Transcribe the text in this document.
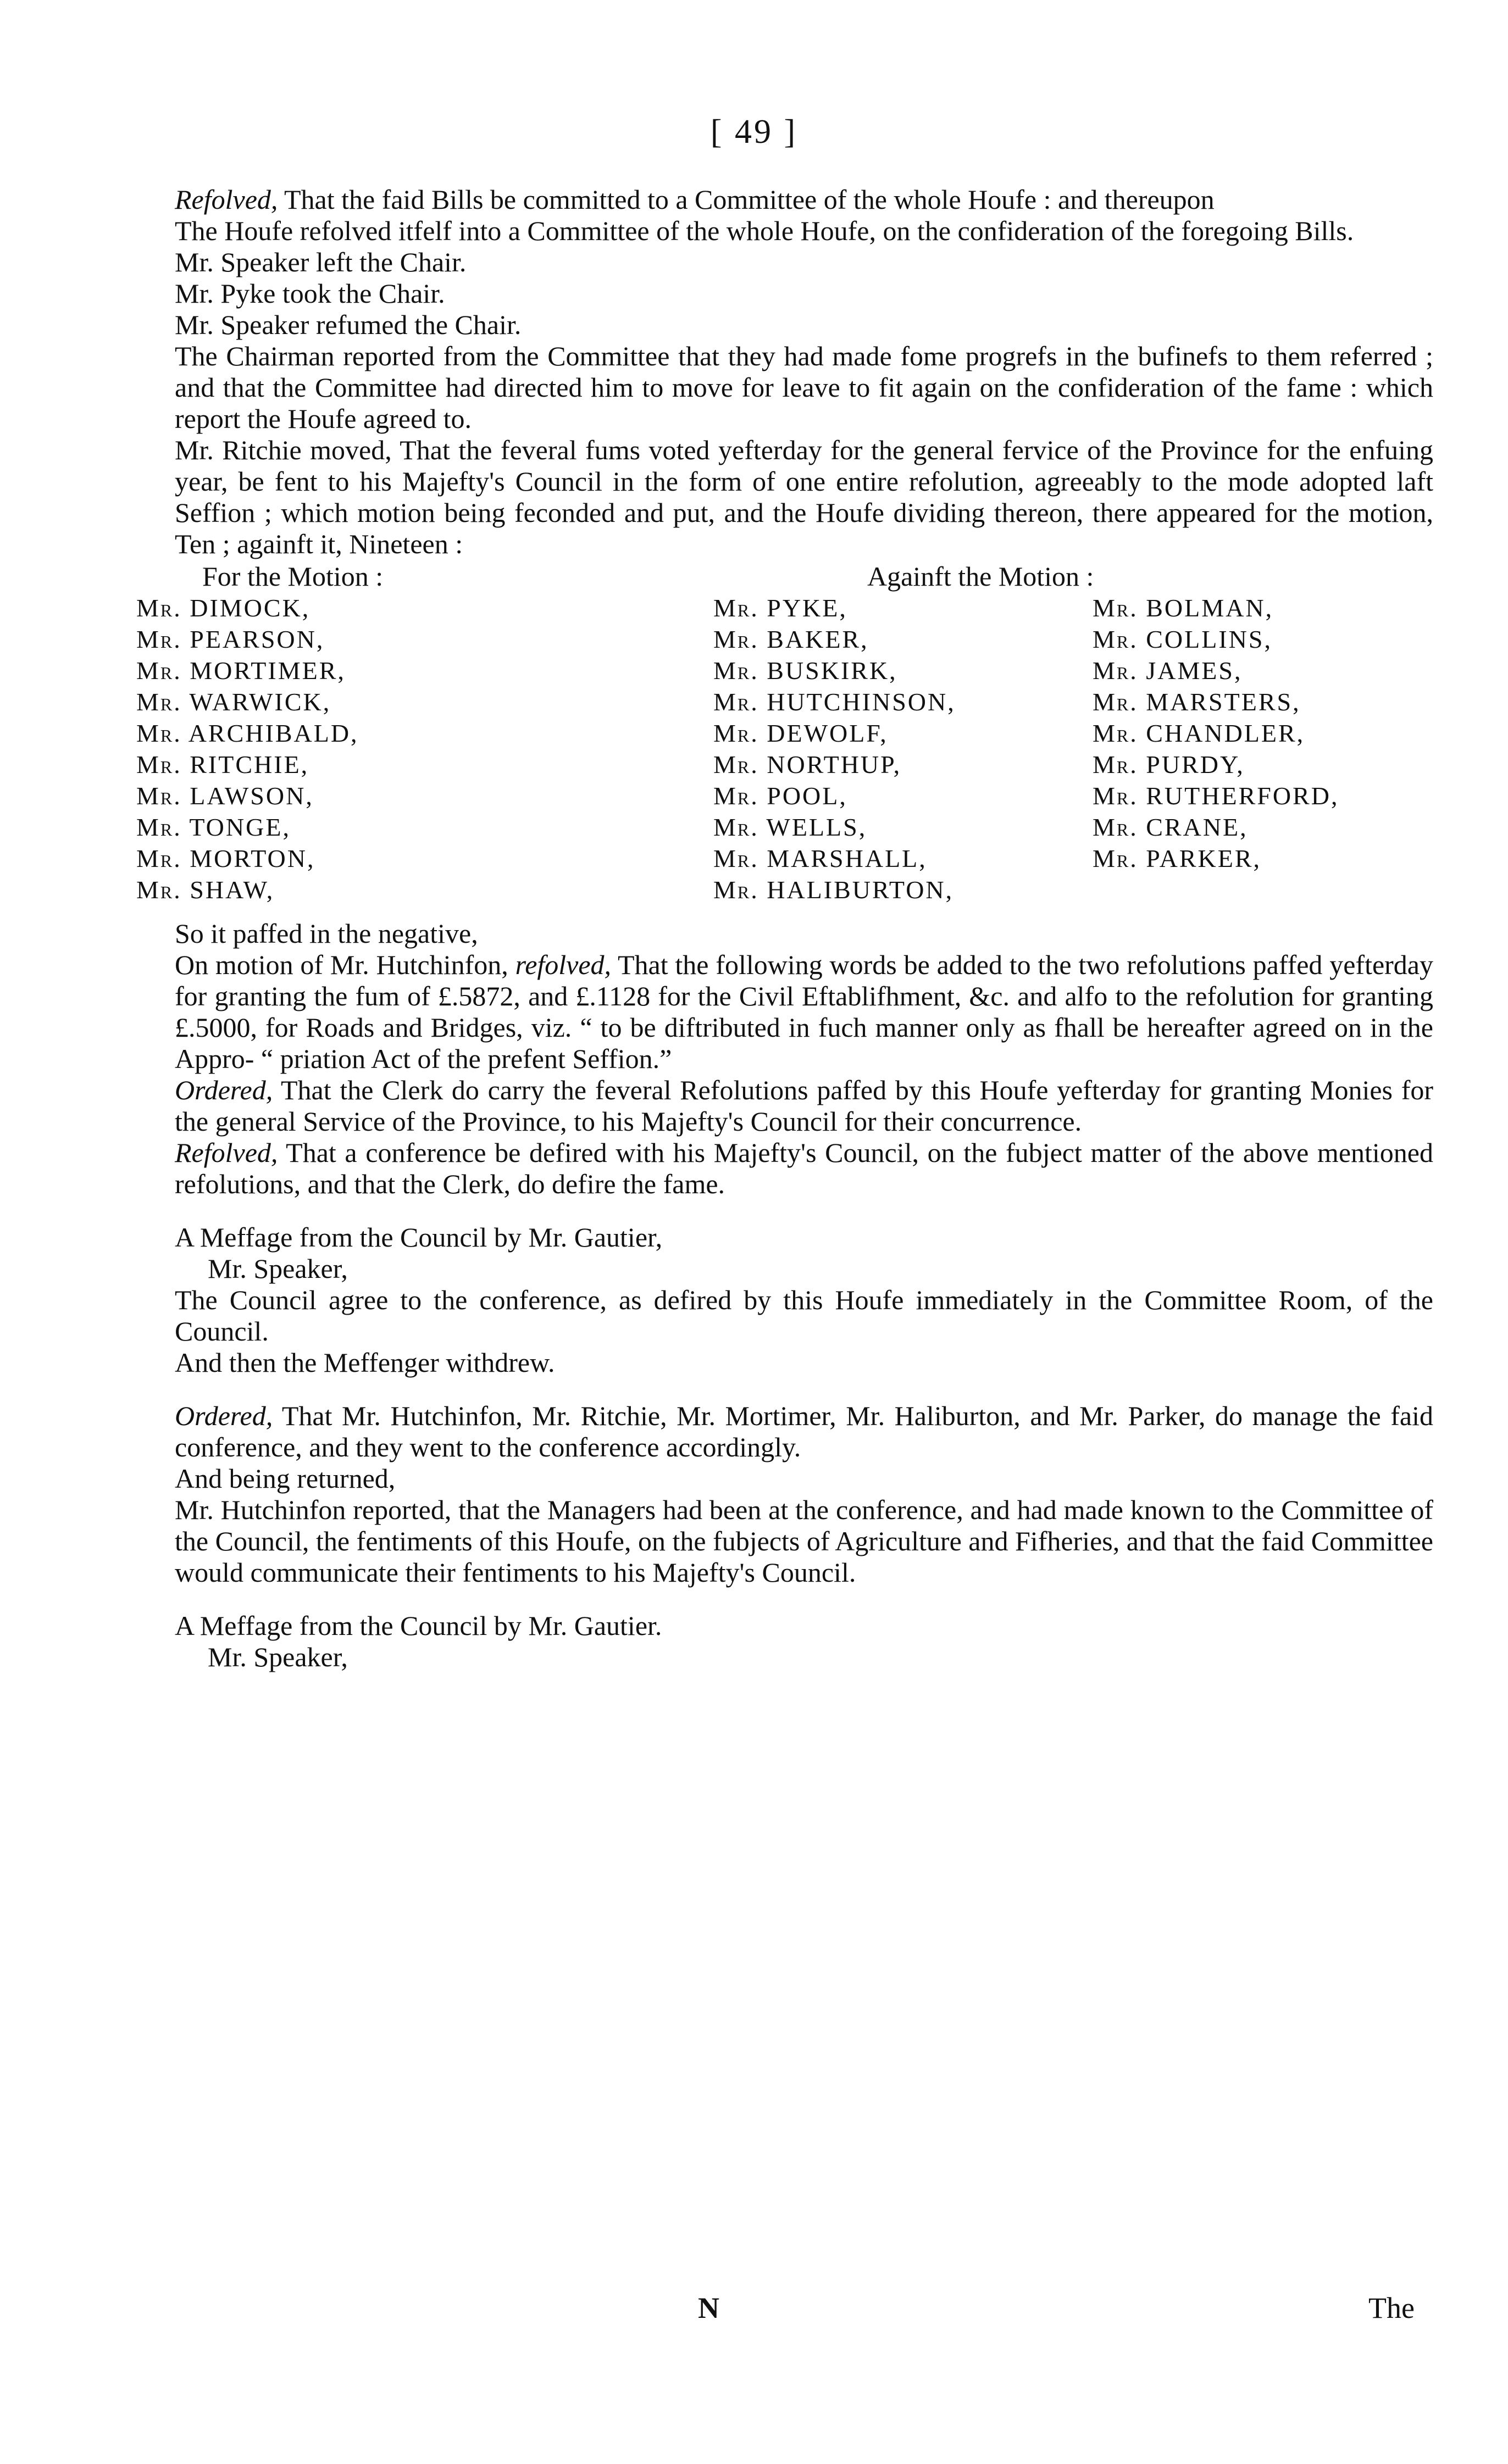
[ 49 ]

Refolved, That the faid Bills be committed to a Committee of the whole Houfe : and thereupon

The Houfe refolved itfelf into a Committee of the whole Houfe, on the confideration of the foregoing Bills.

Mr. Speaker left the Chair.

Mr. Pyke took the Chair.

Mr. Speaker refumed the Chair.

The Chairman reported from the Committee that they had made fome progrefs in the bufinefs to them referred ; and that the Committee had directed him to move for leave to fit again on the confideration of the fame : which report the Houfe agreed to.

Mr. Ritchie moved, That the feveral fums voted yefterday for the general fervice of the Province for the enfuing year, be fent to his Majefty's Council in the form of one entire refolution, agreeably to the mode adopted laft Seffion ; which motion being feconded and put, and the Houfe dividing thereon, there appeared for the motion, Ten ; againft it, Nineteen :

For the Motion :	Againft the Motion :
Mr. DIMOCK,
Mr. PEARSON,
Mr. MORTIMER,
Mr. WARWICK,
Mr. ARCHIBALD,
Mr. RITCHIE,
Mr. LAWSON,
Mr. TONGE,
Mr. MORTON,
Mr. SHAW,
Mr. PYKE,
Mr. BAKER,
Mr. BUSKIRK,
Mr. HUTCHINSON,
Mr. DEWOLF,
Mr. NORTHUP,
Mr. POOL,
Mr. WELLS,
Mr. MARSHALL,
Mr. HALIBURTON,
Mr. BOLMAN,
Mr. COLLINS,
Mr. JAMES,
Mr. MARSTERS,
Mr. CHANDLER,
Mr. PURDY,
Mr. RUTHERFORD,
Mr. CRANE,
Mr. PARKER,

So it paffed in the negative,

On motion of Mr. Hutchinfon, refolved, That the following words be added to the two refolutions paffed yefterday for granting the fum of £.5872, and £.1128 for the Civil Eftablifhment, &c. and alfo to the refolution for granting £.5000, for Roads and Bridges, viz. “ to be diftributed in fuch manner only as fhall be hereafter agreed on in the Appro- “ priation Act of the prefent Seffion.”

Ordered, That the Clerk do carry the feveral Refolutions paffed by this Houfe yefterday for granting Monies for the general Service of the Province, to his Majefty's Council for their concurrence.

Refolved, That a conference be defired with his Majefty's Council, on the fubject matter of the above mentioned refolutions, and that the Clerk, do defire the fame.

A Meffage from the Council by Mr. Gautier,

Mr. Speaker,

The Council agree to the conference, as defired by this Houfe immediately in the Committee Room, of the Council.

And then the Meffenger withdrew.

Ordered, That Mr. Hutchinfon, Mr. Ritchie, Mr. Mortimer, Mr. Haliburton, and Mr. Parker, do manage the faid conference, and they went to the conference accordingly.

And being returned,

Mr. Hutchinfon reported, that the Managers had been at the conference, and had made known to the Committee of the Council, the fentiments of this Houfe, on the fubjects of Agriculture and Fifheries, and that the faid Committee would communicate their fentiments to his Majefty's Council.

A Meffage from the Council by Mr. Gautier.

Mr. Speaker,

N	The
